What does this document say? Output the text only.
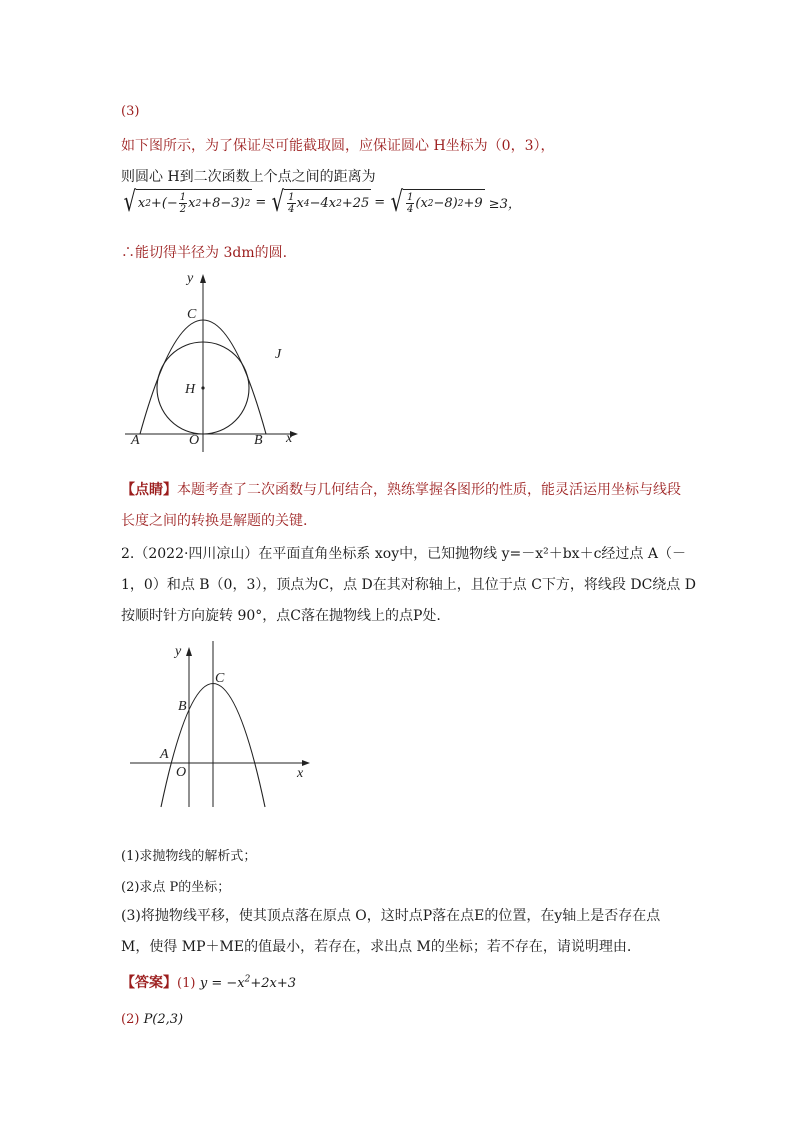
(3)
如下图所示，为了保证尽可能截取圆，应保证圆心 H坐标为（0，3），
则圆心 H到二次函数上个点之间的距离为
√ x 2 +(− $\frac{1}{2}$ x 2 +8−3) 2 = √ $\frac{1}{4}$ x 4 −4x 2 +25 = √ $\frac{1}{4} (x$ 2 −8) 2 +9 ≥3，
∴能切得半径为 3dm的圆.
y
C
J
H
A	O	B x
【点睛】本题考查了二次函数与几何结合，熟练掌握各图形的性质，能灵活运用坐标与线段
长度之间的转换是解题的关键.
2.（2022·四川凉山）在平面直角坐标系 xoy中，已知抛物线 y=－x²＋bx＋c经过点 A（－
1，0）和点 B（0，3），顶点为C，点 D在其对称轴上，且位于点 C下方，将线段 DC绕点 D
按顺时针方向旋转 90°，点C落在抛物线上的点P处.
y
C
B
A
O	x
(1)求抛物线的解析式；
(2)求点 P的坐标；
(3)将抛物线平移，使其顶点落在原点 O，这时点P落在点E的位置，在y轴上是否存在点
M，使得 MP＋ME的值最小，若存在，求出点 M的坐标；若不存在，请说明理由.
【答案】(1) $y = -x^2+2x+3$
(2) P(2,3)
